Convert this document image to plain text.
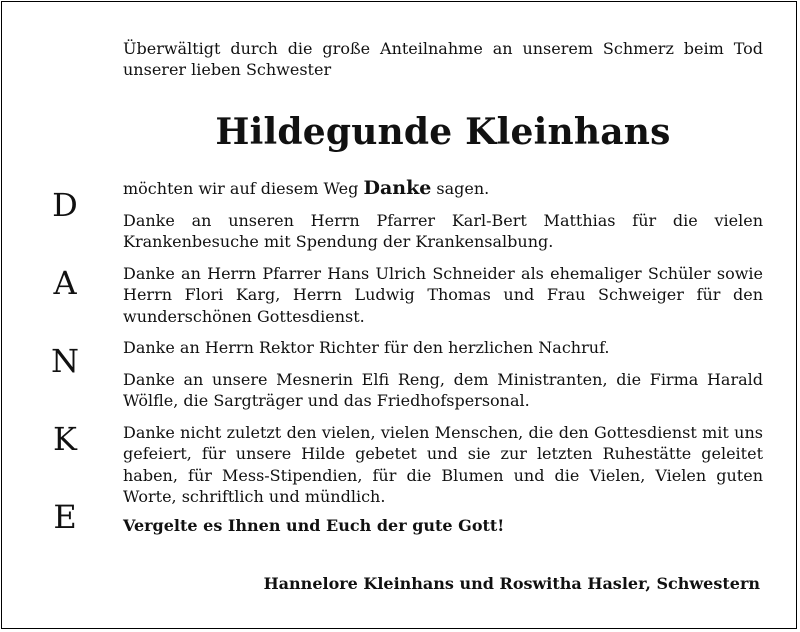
Überwältigt durch die große Anteilnahme an unserem Schmerz beim Tod unserer lieben Schwester
Hildegunde Kleinhans
D
A
N
K
E

möchten wir auf diesem Weg Danke sagen.

Danke an unseren Herrn Pfarrer Karl-Bert Matthias für die vielen Krankenbesuche mit Spendung der Krankensalbung.

Danke an Herrn Pfarrer Hans Ulrich Schneider als ehemaliger Schüler sowie Herrn Flori Karg, Herrn Ludwig Thomas und Frau Schweiger für den wunderschönen Gottesdienst.

Danke an Herrn Rektor Richter für den herzlichen Nachruf.

Danke an unsere Mesnerin Elfi Reng, dem Ministranten, die Firma Harald Wölfle, die Sargträger und das Friedhofspersonal.

Danke nicht zuletzt den vielen, vielen Menschen, die den Gottesdienst mit uns gefeiert, für unsere Hilde gebetet und sie zur letzten Ruhestätte geleitet haben, für Mess-Stipendien, für die Blumen und die Vielen, Vielen guten Worte, schriftlich und mündlich.

Vergelte es Ihnen und Euch der gute Gott!
Hannelore Kleinhans und Roswitha Hasler, Schwestern
